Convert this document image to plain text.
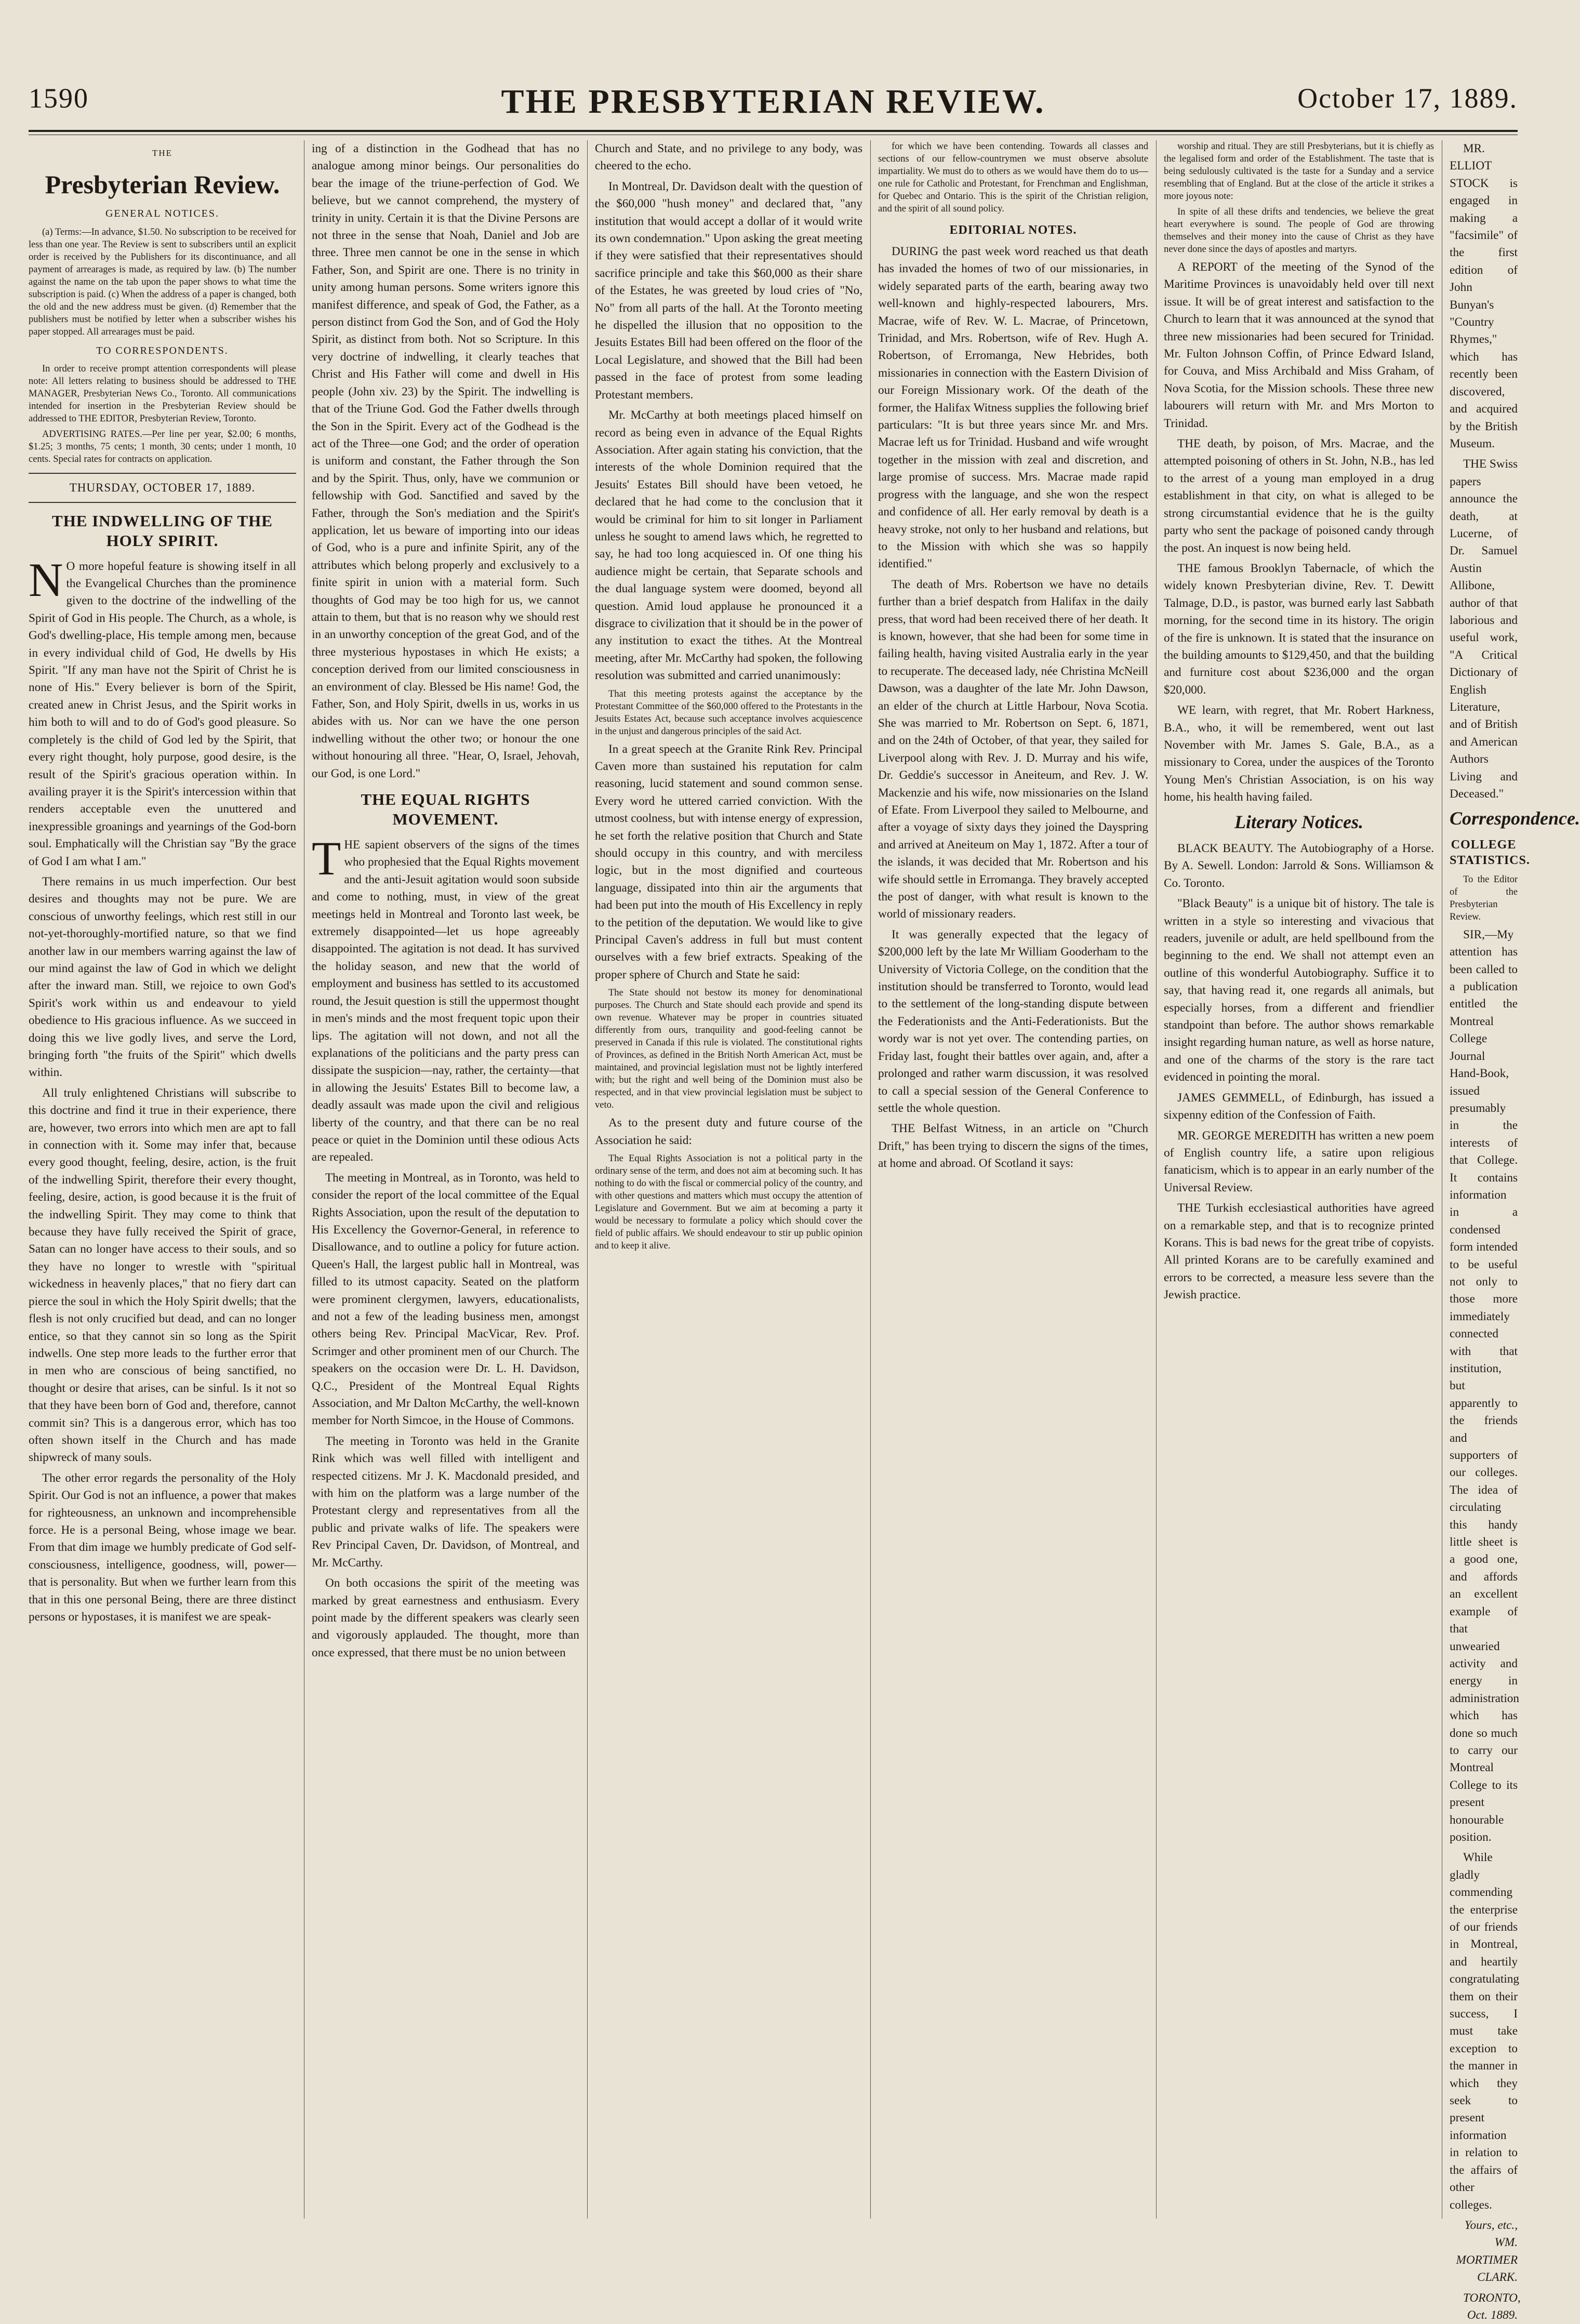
THE PRESBYTERIAN REVIEW.
1590	October 17, 1889.
THE
Presbyterian Review.
GENERAL NOTICES.

(a) Terms:—In advance, $1.50. No subscription to be received for less than one year. The Review is sent to subscribers until an explicit order is received by the Publishers for its discontinuance, and all payment of arrearages is made, as required by law. (b) The number against the name on the tab upon the paper shows to what time the subscription is paid. (c) When the address of a paper is changed, both the old and the new address must be given. (d) Remember that the publishers must be notified by letter when a subscriber wishes his paper stopped. All arrearages must be paid.

TO CORRESPONDENTS.

In order to receive prompt attention correspondents will please note: All letters relating to business should be addressed to THE MANAGER, Presbyterian News Co., Toronto. All communications intended for insertion in the Presbyterian Review should be addressed to THE EDITOR, Presbyterian Review, Toronto.

ADVERTISING RATES.—Per line per year, $2.00; 6 months, $1.25; 3 months, 75 cents; 1 month, 30 cents; under 1 month, 10 cents. Special rates for contracts on application.

THURSDAY, OCTOBER 17, 1889.
THE INDWELLING OF THE HOLY SPIRIT.

N O more hopeful feature is showing itself in all the Evangelical Churches than the prominence given to the doctrine of the indwelling of the Spirit of God in His people. The Church, as a whole, is God's dwelling-place, His temple among men, because in every individual child of God, He dwells by His Spirit. "If any man have not the Spirit of Christ he is none of His." Every believer is born of the Spirit, created anew in Christ Jesus, and the Spirit works in him both to will and to do of God's good pleasure. So completely is the child of God led by the Spirit, that every right thought, holy purpose, good desire, is the result of the Spirit's gracious operation within. In availing prayer it is the Spirit's intercession within that renders acceptable even the unuttered and inexpressible groanings and yearnings of the God-born soul. Emphatically will the Christian say "By the grace of God I am what I am."

There remains in us much imperfection. Our best desires and thoughts may not be pure. We are conscious of unworthy feelings, which rest still in our not-yet-thoroughly-mortified nature, so that we find another law in our members warring against the law of our mind against the law of God in which we delight after the inward man. Still, we rejoice to own God's Spirit's work within us and endeavour to yield obedience to His gracious influence. As we succeed in doing this we live godly lives, and serve the Lord, bringing forth "the fruits of the Spirit" which dwells within.

All truly enlightened Christians will subscribe to this doctrine and find it true in their experience, there are, however, two errors into which men are apt to fall in connection with it. Some may infer that, because every good thought, feeling, desire, action, is the fruit of the indwelling Spirit, therefore their every thought, feeling, desire, action, is good because it is the fruit of the indwelling Spirit. They may come to think that because they have fully received the Spirit of grace, Satan can no longer have access to their souls, and so they have no longer to wrestle with "spiritual wickedness in heavenly places," that no fiery dart can pierce the soul in which the Holy Spirit dwells; that the flesh is not only crucified but dead, and can no longer entice, so that they cannot sin so long as the Spirit indwells. One step more leads to the further error that in men who are conscious of being sanctified, no thought or desire that arises, can be sinful. Is it not so that they have been born of God and, therefore, cannot commit sin? This is a dangerous error, which has too often shown itself in the Church and has made shipwreck of many souls.

The other error regards the personality of the Holy Spirit. Our God is not an influence, a power that makes for righteousness, an unknown and incomprehensible force. He is a personal Being, whose image we bear. From that dim image we humbly predicate of God self-consciousness, intelligence, goodness, will, power—that is personality. But when we further learn from this that in this one personal Being, there are three distinct persons or hypostases, it is manifest we are speak-

ing of a distinction in the Godhead that has no analogue among minor beings. Our personalities do bear the image of the triune-perfection of God. We believe, but we cannot comprehend, the mystery of trinity in unity. Certain it is that the Divine Persons are not three in the sense that Noah, Daniel and Job are three. Three men cannot be one in the sense in which Father, Son, and Spirit are one. There is no trinity in unity among human persons. Some writers ignore this manifest difference, and speak of God, the Father, as a person distinct from God the Son, and of God the Holy Spirit, as distinct from both. Not so Scripture. In this very doctrine of indwelling, it clearly teaches that Christ and His Father will come and dwell in His people (John xiv. 23) by the Spirit. The indwelling is that of the Triune God. God the Father dwells through the Son in the Spirit. Every act of the Godhead is the act of the Three—one God; and the order of operation is uniform and constant, the Father through the Son and by the Spirit. Thus, only, have we communion or fellowship with God. Sanctified and saved by the Father, through the Son's mediation and the Spirit's application, let us beware of importing into our ideas of God, who is a pure and infinite Spirit, any of the attributes which belong properly and exclusively to a finite spirit in union with a material form. Such thoughts of God may be too high for us, we cannot attain to them, but that is no reason why we should rest in an unworthy conception of the great God, and of the three mysterious hypostases in which He exists; a conception derived from our limited consciousness in an environment of clay. Blessed be His name! God, the Father, Son, and Holy Spirit, dwells in us, works in us abides with us. Nor can we have the one person indwelling without the other two; or honour the one without honouring all three. "Hear, O, Israel, Jehovah, our God, is one Lord."

THE EQUAL RIGHTS MOVEMENT.

THE sapient observers of the signs of the times who prophesied that the Equal Rights movement and the anti-Jesuit agitation would soon subside and come to nothing, must, in view of the great meetings held in Montreal and Toronto last week, be extremely disappointed—let us hope agreeably disappointed. The agitation is not dead. It has survived the holiday season, and new that the world of employment and business has settled to its accustomed round, the Jesuit question is still the uppermost thought in men's minds and the most frequent topic upon their lips. The agitation will not down, and not all the explanations of the politicians and the party press can dissipate the suspicion—nay, rather, the certainty—that in allowing the Jesuits' Estates Bill to become law, a deadly assault was made upon the civil and religious liberty of the country, and that there can be no real peace or quiet in the Dominion until these odious Acts are repealed.

The meeting in Montreal, as in Toronto, was held to consider the report of the local committee of the Equal Rights Association, upon the result of the deputation to His Excellency the Governor-General, in reference to Disallowance, and to outline a policy for future action. Queen's Hall, the largest public hall in Montreal, was filled to its utmost capacity. Seated on the platform were prominent clergymen, lawyers, educationalists, and not a few of the leading business men, amongst others being Rev. Principal MacVicar, Rev. Prof. Scrimger and other prominent men of our Church. The speakers on the occasion were Dr. L. H. Davidson, Q.C., President of the Montreal Equal Rights Association, and Mr Dalton McCarthy, the well-known member for North Simcoe, in the House of Commons.

The meeting in Toronto was held in the Granite Rink which was well filled with intelligent and respected citizens. Mr J. K. Macdonald presided, and with him on the platform was a large number of the Protestant clergy and representatives from all the public and private walks of life. The speakers were Rev Principal Caven, Dr. Davidson, of Montreal, and Mr. McCarthy.

On both occasions the spirit of the meeting was marked by great earnestness and enthusiasm. Every point made by the different speakers was clearly seen and vigorously applauded. The thought, more than once expressed, that there must be no union between

Church and State, and no privilege to any body, was cheered to the echo.

In Montreal, Dr. Davidson dealt with the question of the $60,000 "hush money" and declared that, "any institution that would accept a dollar of it would write its own condemnation." Upon asking the great meeting if they were satisfied that their representatives should sacrifice principle and take this $60,000 as their share of the Estates, he was greeted by loud cries of "No, No" from all parts of the hall. At the Toronto meeting he dispelled the illusion that no opposition to the Jesuits Estates Bill had been offered on the floor of the Local Legislature, and showed that the Bill had been passed in the face of protest from some leading Protestant members.

Mr. McCarthy at both meetings placed himself on record as being even in advance of the Equal Rights Association. After again stating his conviction, that the interests of the whole Dominion required that the Jesuits' Estates Bill should have been vetoed, he declared that he had come to the conclusion that it would be criminal for him to sit longer in Parliament unless he sought to amend laws which, he regretted to say, he had too long acquiesced in. Of one thing his audience might be certain, that Separate schools and the dual language system were doomed, beyond all question. Amid loud applause he pronounced it a disgrace to civilization that it should be in the power of any institution to exact the tithes. At the Montreal meeting, after Mr. McCarthy had spoken, the following resolution was submitted and carried unanimously:

That this meeting protests against the acceptance by the Protestant Committee of the $60,000 offered to the Protestants in the Jesuits Estates Act, because such acceptance involves acquiescence in the unjust and dangerous principles of the said Act.

In a great speech at the Granite Rink Rev. Principal Caven more than sustained his reputation for calm reasoning, lucid statement and sound common sense. Every word he uttered carried conviction. With the utmost coolness, but with intense energy of expression, he set forth the relative position that Church and State should occupy in this country, and with merciless logic, but in the most dignified and courteous language, dissipated into thin air the arguments that had been put into the mouth of His Excellency in reply to the petition of the deputation. We would like to give Principal Caven's address in full but must content ourselves with a few brief extracts. Speaking of the proper sphere of Church and State he said:

The State should not bestow its money for denominational purposes. The Church and State should each provide and spend its own revenue. Whatever may be proper in countries situated differently from ours, tranquility and good-feeling cannot be preserved in Canada if this rule is violated. The constitutional rights of Provinces, as defined in the British North American Act, must be maintained, and provincial legislation must not be lightly interfered with; but the right and well being of the Dominion must also be respected, and in that view provincial legislation must be subject to veto.

As to the present duty and future course of the Association he said:

The Equal Rights Association is not a political party in the ordinary sense of the term, and does not aim at becoming such. It has nothing to do with the fiscal or commercial policy of the country, and with other questions and matters which must occupy the attention of Legislature and Government. But we aim at becoming a party it would be necessary to formulate a policy which should cover the field of public affairs. We should endeavour to stir up public opinion and to keep it alive.

for which we have been contending. Towards all classes and sections of our fellow-countrymen we must observe absolute impartiality. We must do to others as we would have them do to us—one rule for Catholic and Protestant, for Frenchman and Englishman, for Quebec and Ontario. This is the spirit of the Christian religion, and the spirit of all sound policy.

EDITORIAL NOTES.

DURING the past week word reached us that death has invaded the homes of two of our missionaries, in widely separated parts of the earth, bearing away two well-known and highly-respected labourers, Mrs. Macrae, wife of Rev. W. L. Macrae, of Princetown, Trinidad, and Mrs. Robertson, wife of Rev. Hugh A. Robertson, of Erromanga, New Hebrides, both missionaries in connection with the Eastern Division of our Foreign Missionary work. Of the death of the former, the Halifax Witness supplies the following brief particulars: "It is but three years since Mr. and Mrs. Macrae left us for Trinidad. Husband and wife wrought together in the mission with zeal and discretion, and large promise of success. Mrs. Macrae made rapid progress with the language, and she won the respect and confidence of all. Her early removal by death is a heavy stroke, not only to her husband and relations, but to the Mission with which she was so happily identified."

The death of Mrs. Robertson we have no details further than a brief despatch from Halifax in the daily press, that word had been received there of her death. It is known, however, that she had been for some time in failing health, having visited Australia early in the year to recuperate. The deceased lady, née Christina McNeill Dawson, was a daughter of the late Mr. John Dawson, an elder of the church at Little Harbour, Nova Scotia. She was married to Mr. Robertson on Sept. 6, 1871, and on the 24th of October, of that year, they sailed for Liverpool along with Rev. J. D. Murray and his wife, Dr. Geddie's successor in Aneiteum, and Rev. J. W. Mackenzie and his wife, now missionaries on the Island of Efate. From Liverpool they sailed to Melbourne, and after a voyage of sixty days they joined the Dayspring and arrived at Aneiteum on May 1, 1872. After a tour of the islands, it was decided that Mr. Robertson and his wife should settle in Erromanga. They bravely accepted the post of danger, with what result is known to the world of missionary readers.

It was generally expected that the legacy of $200,000 left by the late Mr William Gooderham to the University of Victoria College, on the condition that the institution should be transferred to Toronto, would lead to the settlement of the long-standing dispute between the Federationists and the Anti-Federationists. But the wordy war is not yet over. The contending parties, on Friday last, fought their battles over again, and, after a prolonged and rather warm discussion, it was resolved to call a special session of the General Conference to settle the whole question.

THE Belfast Witness, in an article on "Church Drift," has been trying to discern the signs of the times, at home and abroad. Of Scotland it says:

worship and ritual. They are still Presbyterians, but it is chiefly as the legalised form and order of the Establishment. The taste that is being sedulously cultivated is the taste for a Sunday and a service resembling that of England. But at the close of the article it strikes a more joyous note:

In spite of all these drifts and tendencies, we believe the great heart everywhere is sound. The people of God are throwing themselves and their money into the cause of Christ as they have never done since the days of apostles and martyrs.

A REPORT of the meeting of the Synod of the Maritime Provinces is unavoidably held over till next issue. It will be of great interest and satisfaction to the Church to learn that it was announced at the synod that three new missionaries had been secured for Trinidad. Mr. Fulton Johnson Coffin, of Prince Edward Island, for Couva, and Miss Archibald and Miss Graham, of Nova Scotia, for the Mission schools. These three new labourers will return with Mr. and Mrs Morton to Trinidad.

THE death, by poison, of Mrs. Macrae, and the attempted poisoning of others in St. John, N.B., has led to the arrest of a young man employed in a drug establishment in that city, on what is alleged to be strong circumstantial evidence that he is the guilty party who sent the package of poisoned candy through the post. An inquest is now being held.

THE famous Brooklyn Tabernacle, of which the widely known Presbyterian divine, Rev. T. Dewitt Talmage, D.D., is pastor, was burned early last Sabbath morning, for the second time in its history. The origin of the fire is unknown. It is stated that the insurance on the building amounts to $129,450, and that the building and furniture cost about $236,000 and the organ $20,000.

WE learn, with regret, that Mr. Robert Harkness, B.A., who, it will be remembered, went out last November with Mr. James S. Gale, B.A., as a missionary to Corea, under the auspices of the Toronto Young Men's Christian Association, is on his way home, his health having failed.

Literary Notices.

BLACK BEAUTY. The Autobiography of a Horse. By A. Sewell. London: Jarrold & Sons. Williamson & Co. Toronto.

"Black Beauty" is a unique bit of history. The tale is written in a style so interesting and vivacious that readers, juvenile or adult, are held spellbound from the beginning to the end. We shall not attempt even an outline of this wonderful Autobiography. Suffice it to say, that having read it, one regards all animals, but especially horses, from a different and friendlier standpoint than before. The author shows remarkable insight regarding human nature, as well as horse nature, and one of the charms of the story is the rare tact evidenced in pointing the moral.

JAMES GEMMELL, of Edinburgh, has issued a sixpenny edition of the Confession of Faith.

MR. GEORGE MEREDITH has written a new poem of English country life, a satire upon religious fanaticism, which is to appear in an early number of the Universal Review.

THE Turkish ecclesiastical authorities have agreed on a remarkable step, and that is to recognize printed Korans. This is bad news for the great tribe of copyists. All printed Korans are to be carefully examined and errors to be corrected, a measure less severe than the Jewish practice.

MR. ELLIOT STOCK is engaged in making a "facsimile" of the first edition of John Bunyan's "Country Rhymes," which has recently been discovered, and acquired by the British Museum.

THE Swiss papers announce the death, at Lucerne, of Dr. Samuel Austin Allibone, author of that laborious and useful work, "A Critical Dictionary of English Literature, and of British and American Authors Living and Deceased."

Correspondence.
COLLEGE STATISTICS.

To the Editor of the Presbyterian Review.

SIR,—My attention has been called to a publication entitled the Montreal College Journal Hand-Book, issued presumably in the interests of that College. It contains information in a condensed form intended to be useful not only to those more immediately connected with that institution, but apparently to the friends and supporters of our colleges. The idea of circulating this handy little sheet is a good one, and affords an excellent example of that unwearied activity and energy in administration which has done so much to carry our Montreal College to its present honourable position.

While gladly commending the enterprise of our friends in Montreal, and heartily congratulating them on their success, I must take exception to the manner in which they seek to present information in relation to the affairs of other colleges.

Yours, etc., WM. MORTIMER CLARK.

TORONTO, Oct. 1889.
